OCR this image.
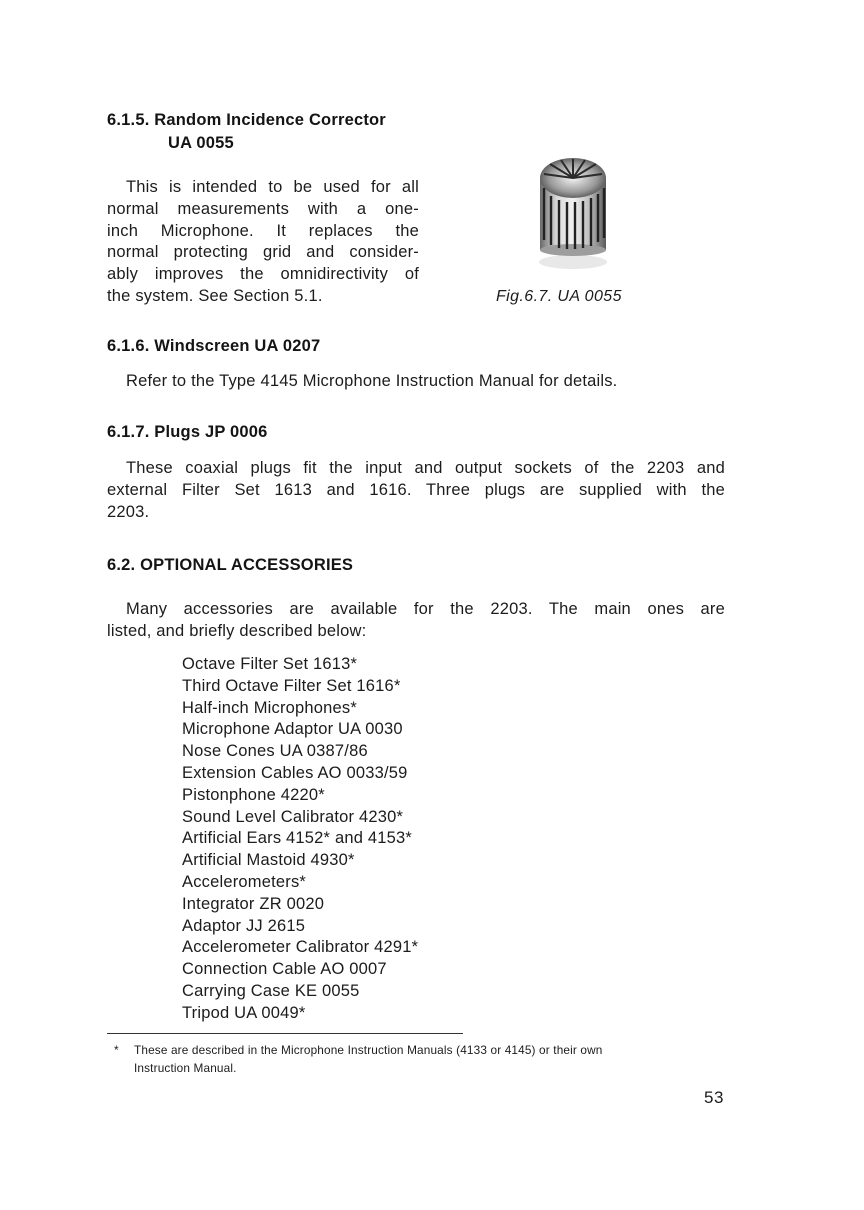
6.1.5. Random Incidence Corrector
UA 0055
This is intended to be used for all
normal measurements with a one-
inch Microphone. It replaces the
normal protecting grid and consider-
ably improves the omnidirectivity of
the system. See Section 5.1.	Fig.6.7. UA 0055
6.1.6. Windscreen UA 0207
Refer to the Type 4145 Microphone Instruction Manual for details.
6.1.7. Plugs JP 0006
These coaxial plugs fit the input and output sockets of the 2203 and
external Filter Set 1613 and 1616. Three plugs are supplied with the
2203.
6.2. OPTIONAL ACCESSORIES
Many accessories are available for the 2203. The main ones are
listed, and briefly described below:
Octave Filter Set 1613*
Third Octave Filter Set 1616*
Half-inch Microphones*
Microphone Adaptor UA 0030
Nose Cones UA 0387/86
Extension Cables AO 0033/59
Pistonphone 4220*
Sound Level Calibrator 4230*
Artificial Ears 4152* and 4153*
Artificial Mastoid 4930*
Accelerometers*
Integrator ZR 0020
Adaptor JJ 2615
Accelerometer Calibrator 4291*
Connection Cable AO 0007
Carrying Case KE 0055
Tripod UA 0049*
* These are described in the Microphone Instruction Manuals (4133 or 4145) or their own
Instruction Manual.
53
